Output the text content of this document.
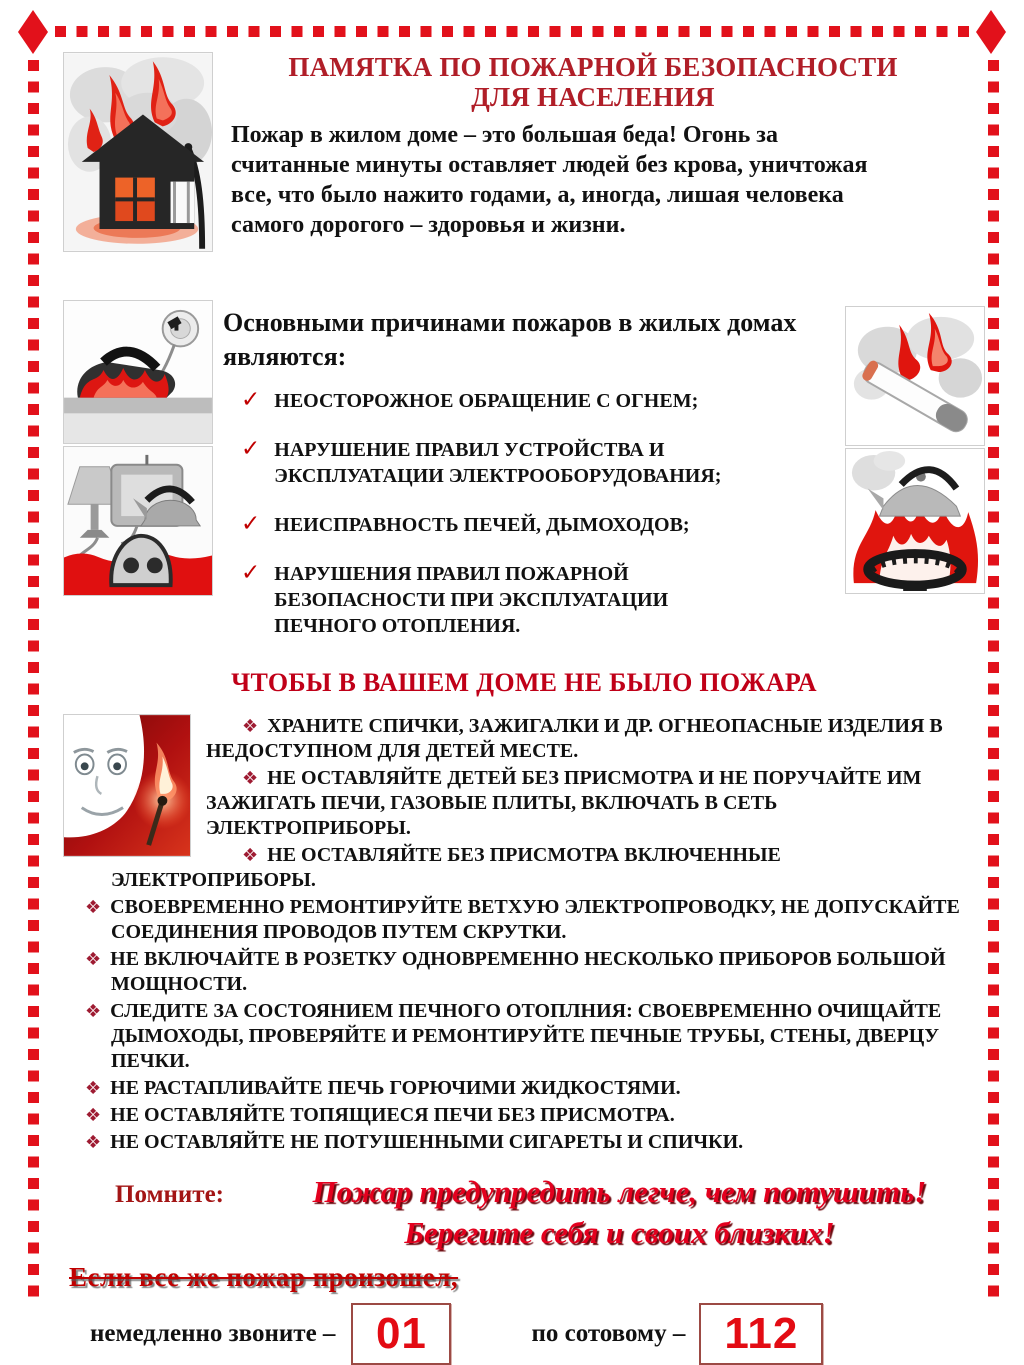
ПАМЯТКА ПО ПОЖАРНОЙ БЕЗОПАСНОСТИ
ДЛЯ НАСЕЛЕНИЯ

Пожар в жилом доме – это большая беда! Огонь за считанные минуты оставляет людей без крова, уничтожая все, что было нажито годами, а, иногда, лишая человека самого дорогого – здоровья и жизни.

Основными причинами пожаров в жилых домах являются:
✓ НЕОСТОРОЖНОЕ ОБРАЩЕНИЕ С ОГНЕМ;
✓ НАРУШЕНИЕ ПРАВИЛ УСТРОЙСТВА И ЭКСПЛУАТАЦИИ ЭЛЕКТРООБОРУДОВАНИЯ;
✓ НЕИСПРАВНОСТЬ ПЕЧЕЙ, ДЫМОХОДОВ;
✓ НАРУШЕНИЯ ПРАВИЛ ПОЖАРНОЙ БЕЗОПАСНОСТИ ПРИ ЭКСПЛУАТАЦИИ ПЕЧНОГО ОТОПЛЕНИЯ.
ЧТОБЫ В ВАШЕМ ДОМЕ НЕ БЫЛО ПОЖАРА

❖ ХРАНИТЕ СПИЧКИ, ЗАЖИГАЛКИ И ДР. ОГНЕОПАСНЫЕ ИЗДЕЛИЯ В НЕДОСТУПНОМ ДЛЯ ДЕТЕЙ МЕСТЕ.

❖ НЕ ОСТАВЛЯЙТЕ ДЕТЕЙ БЕЗ ПРИСМОТРА И НЕ ПОРУЧАЙТЕ ИМ ЗАЖИГАТЬ ПЕЧИ, ГАЗОВЫЕ ПЛИТЫ, ВКЛЮЧАТЬ В СЕТЬ ЭЛЕКТРОПРИБОРЫ.

❖ НЕ ОСТАВЛЯЙТЕ БЕЗ ПРИСМОТРА ВКЛЮЧЕННЫЕ ЭЛЕКТРОПРИБОРЫ.

❖ СВОЕВРЕМЕННО РЕМОНТИРУЙТЕ ВЕТХУЮ ЭЛЕКТРОПРОВОДКУ, НЕ ДОПУСКАЙТЕ СОЕДИНЕНИЯ ПРОВОДОВ ПУТЕМ СКРУТКИ.

❖ НЕ ВКЛЮЧАЙТЕ В РОЗЕТКУ ОДНОВРЕМЕННО НЕСКОЛЬКО ПРИБОРОВ БОЛЬШОЙ МОЩНОСТИ.

❖ СЛЕДИТЕ ЗА СОСТОЯНИЕМ ПЕЧНОГО ОТОПЛНИЯ: СВОЕВРЕМЕННО ОЧИЩАЙТЕ ДЫМОХОДЫ, ПРОВЕРЯЙТЕ И РЕМОНТИРУЙТЕ ПЕЧНЫЕ ТРУБЫ, СТЕНЫ, ДВЕРЦУ ПЕЧКИ.

❖ НЕ РАСТАПЛИВАЙТЕ ПЕЧЬ ГОРЮЧИМИ ЖИДКОСТЯМИ.

❖ НЕ ОСТАВЛЯЙТЕ ТОПЯЩИЕСЯ ПЕЧИ БЕЗ ПРИСМОТРА.

❖ НЕ ОСТАВЛЯЙТЕ НЕ ПОТУШЕННЫМИ СИГАРЕТЫ И СПИЧКИ.

Помните:	Пожар предупредить легче, чем потушить!
Берегите себя и своих близких!
Если все же пожар произошел,
немедленно звоните – 01	по сотовому – 112
